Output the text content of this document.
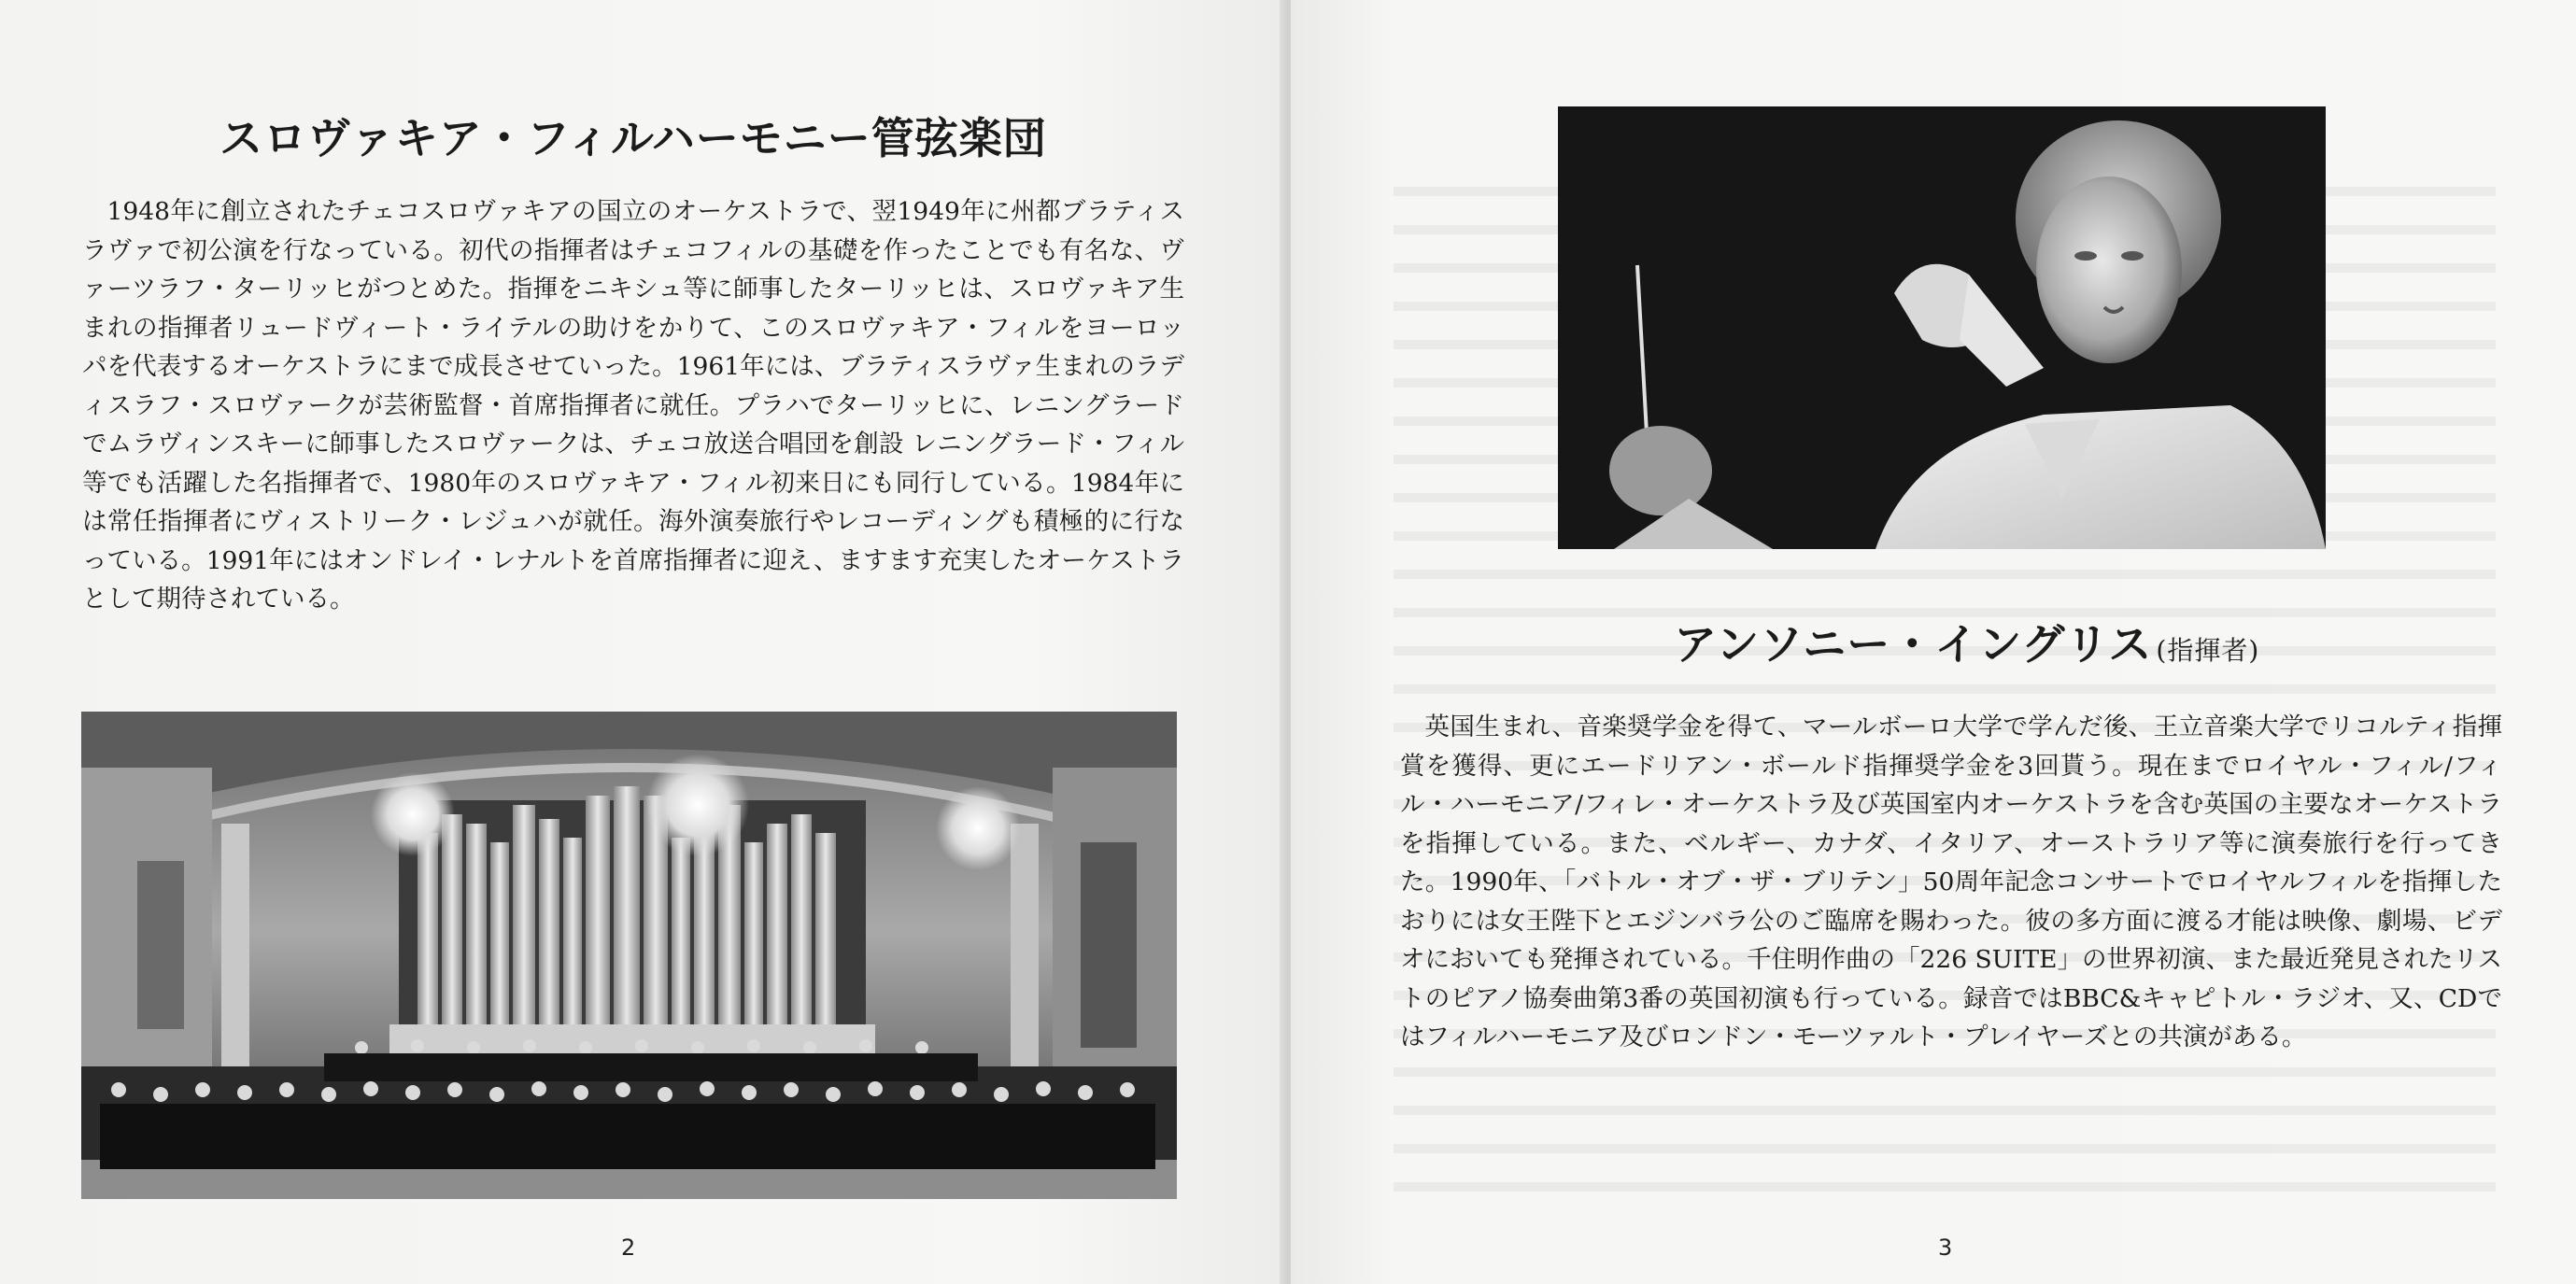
スロヴァキア・フィルハーモニー管弦楽団

1948年に創立されたチェコスロヴァキアの国立のオーケストラで、翌1949年に州都ブラティスラヴァで初公演を行なっている。初代の指揮者はチェコフィルの基礎を作ったことでも有名な、ヴァーツラフ・ターリッヒがつとめた。指揮をニキシュ等に師事したターリッヒは、スロヴァキア生まれの指揮者リュードヴィート・ライテルの助けをかりて、このスロヴァキア・フィルをヨーロッパを代表するオーケストラにまで成長させていった。1961年には、ブラティスラヴァ生まれのラディスラフ・スロヴァークが芸術監督・首席指揮者に就任。プラハでターリッヒに、レニングラードでムラヴィンスキーに師事したスロヴァークは、チェコ放送合唱団を創設 レニングラード・フィル等でも活躍した名指揮者で、1980年のスロヴァキア・フィル初来日にも同行している。1984年には常任指揮者にヴィストリーク・レジュハが就任。海外演奏旅行やレコーディングも積極的に行なっている。1991年にはオンドレイ・レナルトを首席指揮者に迎え、ますます充実したオーケストラとして期待されている。

2
アンソニー・イングリス (指揮者)

英国生まれ、音楽奨学金を得て、マールボーロ大学で学んだ後、王立音楽大学でリコルティ指揮賞を獲得、更にエードリアン・ボールド指揮奨学金を3回貰う。現在までロイヤル・フィル/フィル・ハーモニア/フィレ・オーケストラ及び英国室内オーケストラを含む英国の主要なオーケストラを指揮している。また、ベルギー、カナダ、イタリア、オーストラリア等に演奏旅行を行ってきた。1990年、「バトル・オブ・ザ・ブリテン」50周年記念コンサートでロイヤルフィルを指揮したおりには女王陛下とエジンバラ公のご臨席を賜わった。彼の多方面に渡る才能は映像、劇場、ビデオにおいても発揮されている。千住明作曲の「226 SUITE」の世界初演、また最近発見されたリストのピアノ協奏曲第3番の英国初演も行っている。録音ではBBC&キャピトル・ラジオ、又、CDではフィルハーモニア及びロンドン・モーツァルト・プレイヤーズとの共演がある。

3
